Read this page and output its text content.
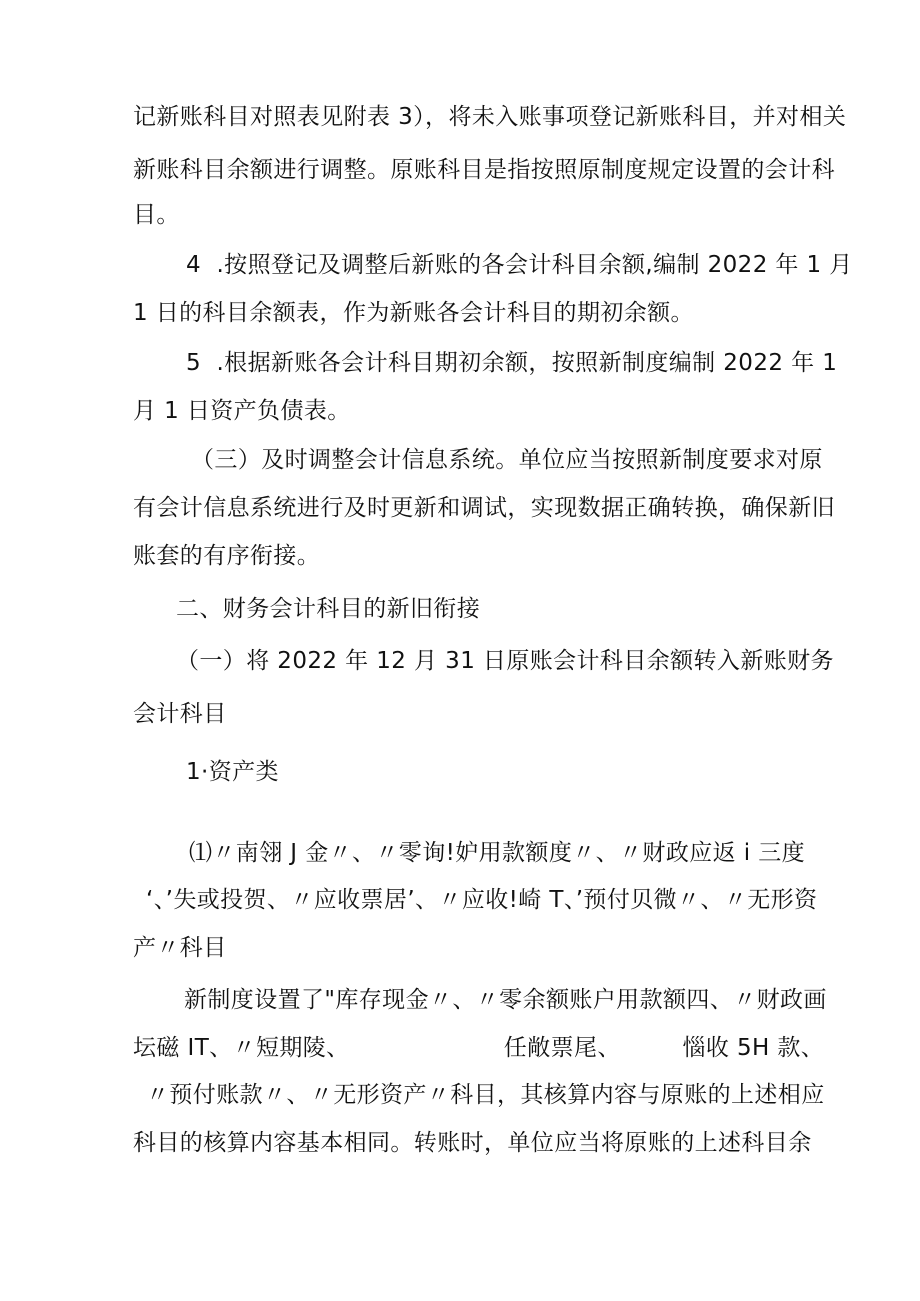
记新账科目对照表见附表 3），将未入账事项登记新账科目，并对相关
新账科目余额进行调整。原账科目是指按照原制度规定设置的会计科
目。
4  .按照登记及调整后新账的各会计科目余额,编制 2022 年 1 月
1 日的科目余额表，作为新账各会计科目的期初余额。
5  .根据新账各会计科目期初余额，按照新制度编制 2022 年 1
月 1 日资产负债表。
（三）及时调整会计信息系统。单位应当按照新制度要求对原
有会计信息系统进行及时更新和调试，实现数据正确转换，确保新旧
账套的有序衔接。
二、财务会计科目的新旧衔接
（一）将 2022 年 12 月 31 日原账会计科目余额转入新账财务
会计科目
1·资产类
⑴〃南翎 J 金〃、〃零询!妒用款额度〃、〃财政应返 i 三度
‘、’失或投贺、〃应收票居’、〃应收!崎 T、’预付贝微〃、〃无形资
产〃科目
新制度设置了"库存现金〃、〃零余额账户用款额四、〃财政画
坛磁 IT、〃短期陵、                    任敞票尾、        惱收 5H 款、
〃预付账款〃、〃无形资产〃科目，其核算内容与原账的上述相应
科目的核算内容基本相同。转账时，单位应当将原账的上述科目余
